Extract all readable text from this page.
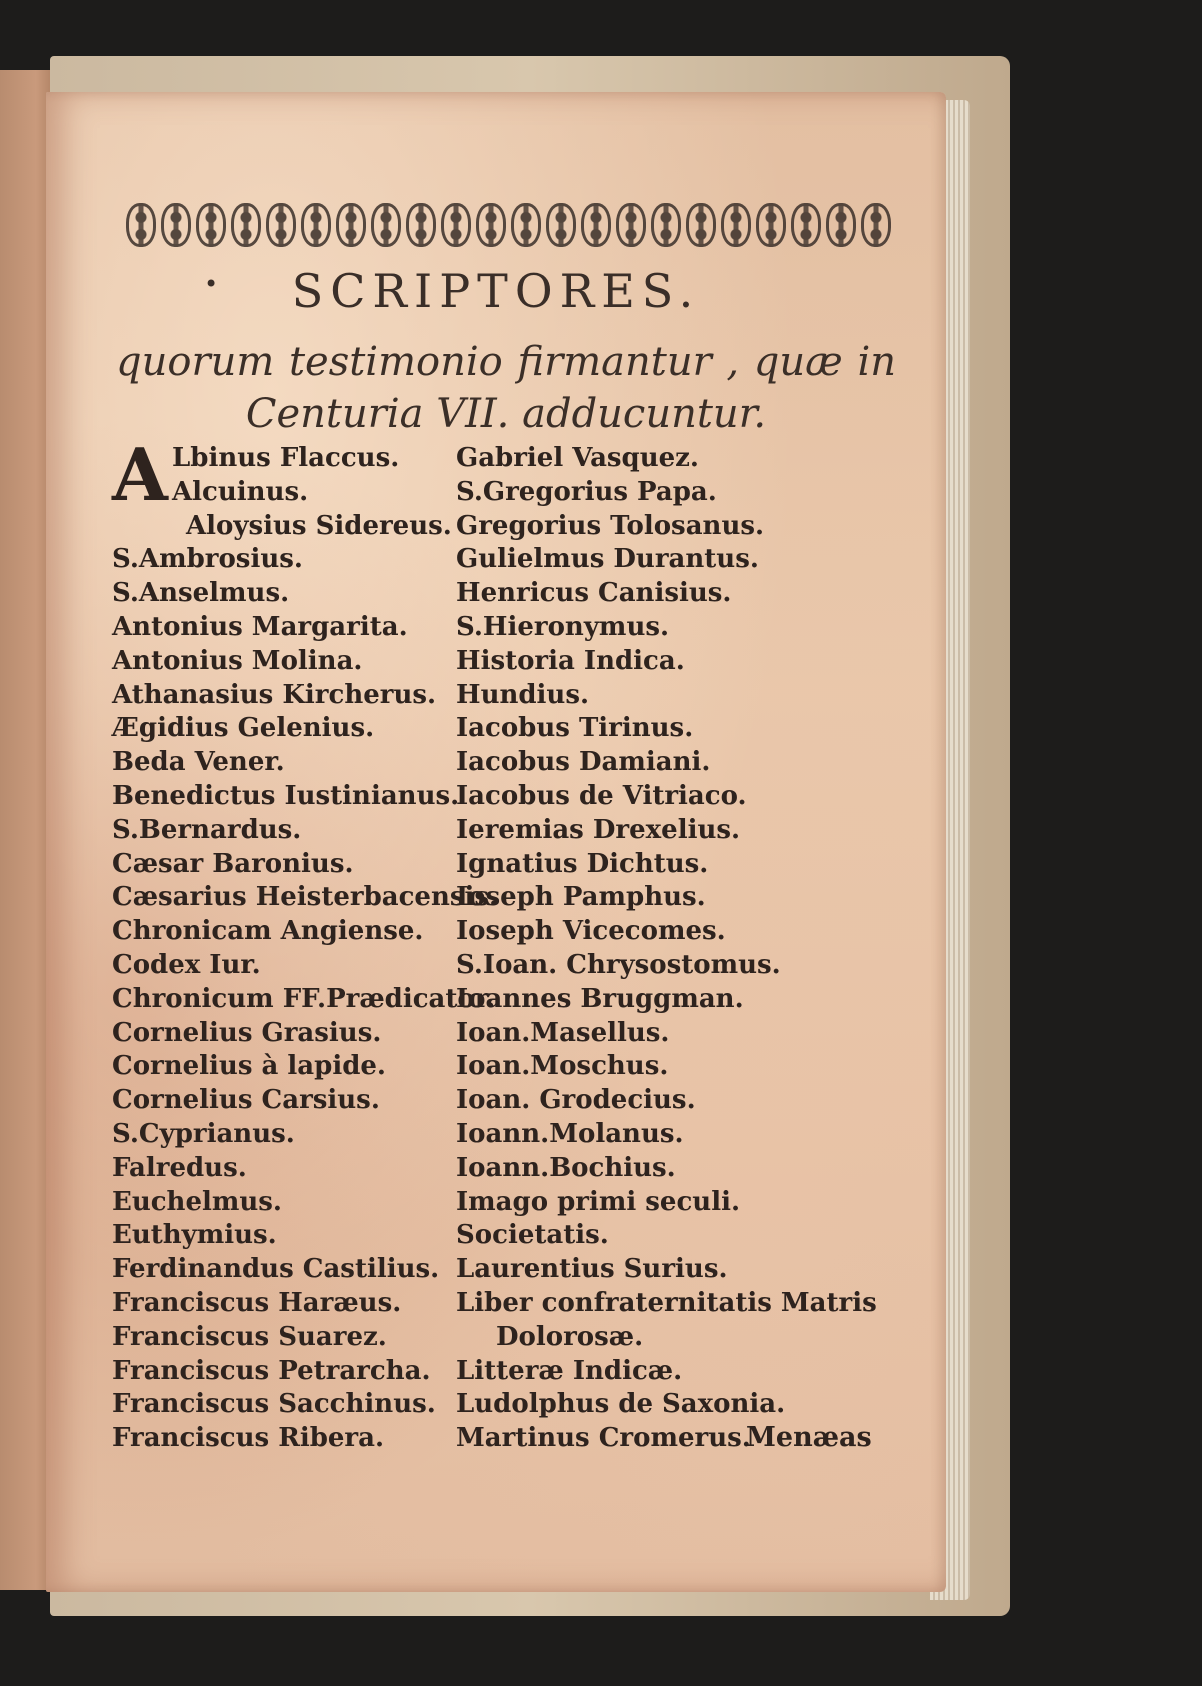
•	SCRIPTORES.
quorum testimonio firmantur , quæ in
Centuria VII. adducuntur.
A Lbinus Flaccus.
Alcuinus.
Aloysius Sidereus.
S.Ambrosius.
S.Anselmus.
Antonius Margarita.
Antonius Molina.
Athanasius Kircherus.
Ægidius Gelenius.
Beda Vener.
Benedictus Iustinianus.
S.Bernardus.
Cæsar Baronius.
Cæsarius Heisterbacensis.
Chronicam Angiense.
Codex Iur.
Chronicum FF.Prædicator.
Cornelius Grasius.
Cornelius à lapide.
Cornelius Carsius.
S.Cyprianus.
Falredus.
Euchelmus.
Euthymius.
Ferdinandus Castilius.
Franciscus Haræus.
Franciscus Suarez.
Franciscus Petrarcha.
Franciscus Sacchinus.
Franciscus Ribera.
Gabriel Vasquez.
S.Gregorius Papa.
Gregorius Tolosanus.
Gulielmus Durantus.
Henricus Canisius.
S.Hieronymus.
Historia Indica.
Hundius.
Iacobus Tirinus.
Iacobus Damiani.
Iacobus de Vitriaco.
Ieremias Drexelius.
Ignatius Dichtus.
Ioseph Pamphus.
Ioseph Vicecomes.
S.Ioan. Chrysostomus.
Ioannes Bruggman.
Ioan.Masellus.
Ioan.Moschus.
Ioan. Grodecius.
Ioann.Molanus.
Ioann.Bochius.
Imago primi seculi.
Societatis.
Laurentius Surius.
Liber confraternitatis Matris
Dolorosæ.
Litteræ Indicæ.
Ludolphus de Saxonia.
Martinus Cromerus.
Menæas
